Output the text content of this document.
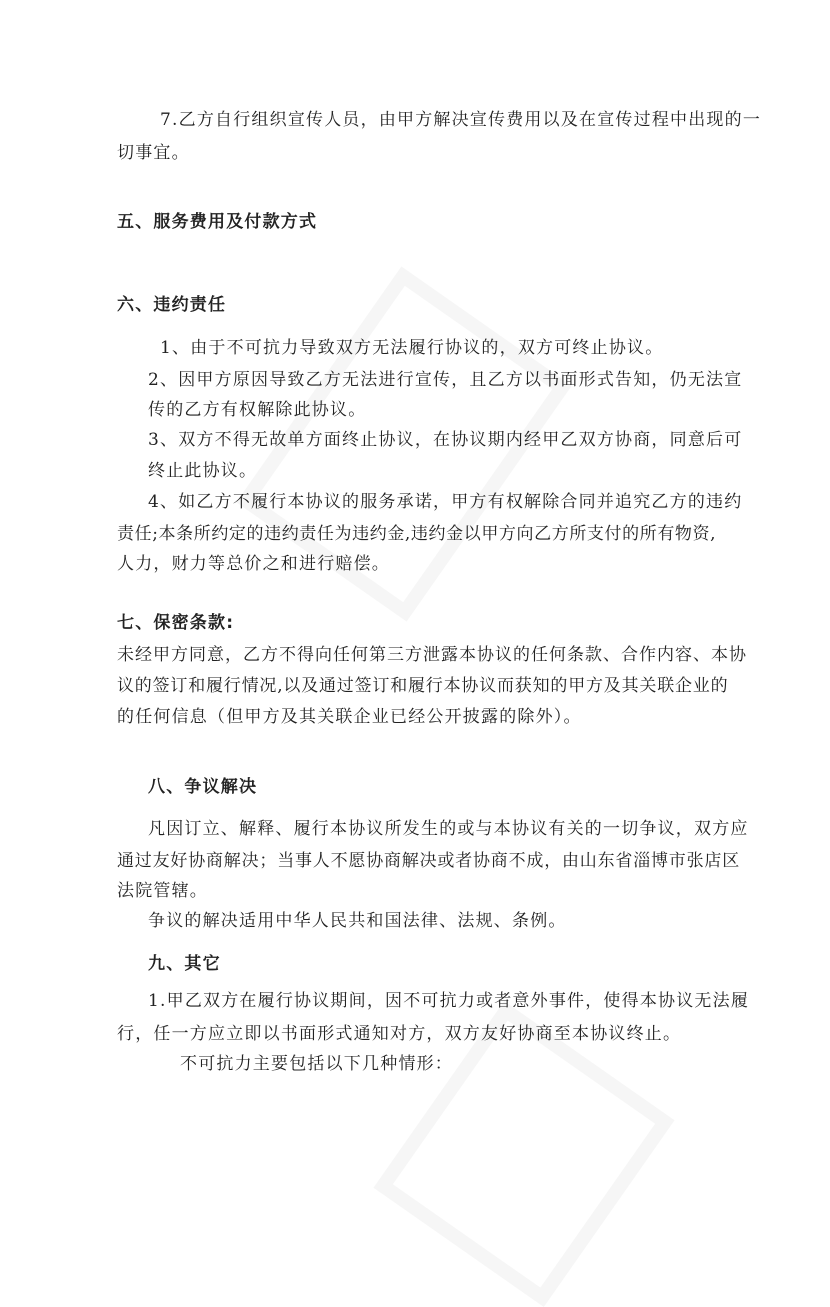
7.乙方自行组织宣传人员，由甲方解决宣传费用以及在宣传过程中出现的一
切事宜。
五、服务费用及付款方式
六、违约责任
1、由于不可抗力导致双方无法履行协议的，双方可终止协议。
2、因甲方原因导致乙方无法进行宣传，且乙方以书面形式告知，仍无法宣
传的乙方有权解除此协议。
3、双方不得无故单方面终止协议，在协议期内经甲乙双方协商，同意后可
终止此协议。
4、如乙方不履行本协议的服务承诺，甲方有权解除合同并追究乙方的违约
责任;本条所约定的违约责任为违约金,违约金以甲方向乙方所支付的所有物资,
人力，财力等总价之和进行赔偿。
七、保密条款:
未经甲方同意，乙方不得向任何第三方泄露本协议的任何条款、合作内容、本协
议的签订和履行情况,以及通过签订和履行本协议而获知的甲方及其关联企业的
的任何信息（但甲方及其关联企业已经公开披露的除外）。
八、争议解决
凡因订立、解释、履行本协议所发生的或与本协议有关的一切争议，双方应
通过友好协商解决；当事人不愿协商解决或者协商不成，由山东省淄博市张店区
法院管辖。
争议的解决适用中华人民共和国法律、法规、条例。
九、其它
1.甲乙双方在履行协议期间，因不可抗力或者意外事件，使得本协议无法履
行，任一方应立即以书面形式通知对方，双方友好协商至本协议终止。
不可抗力主要包括以下几种情形：
